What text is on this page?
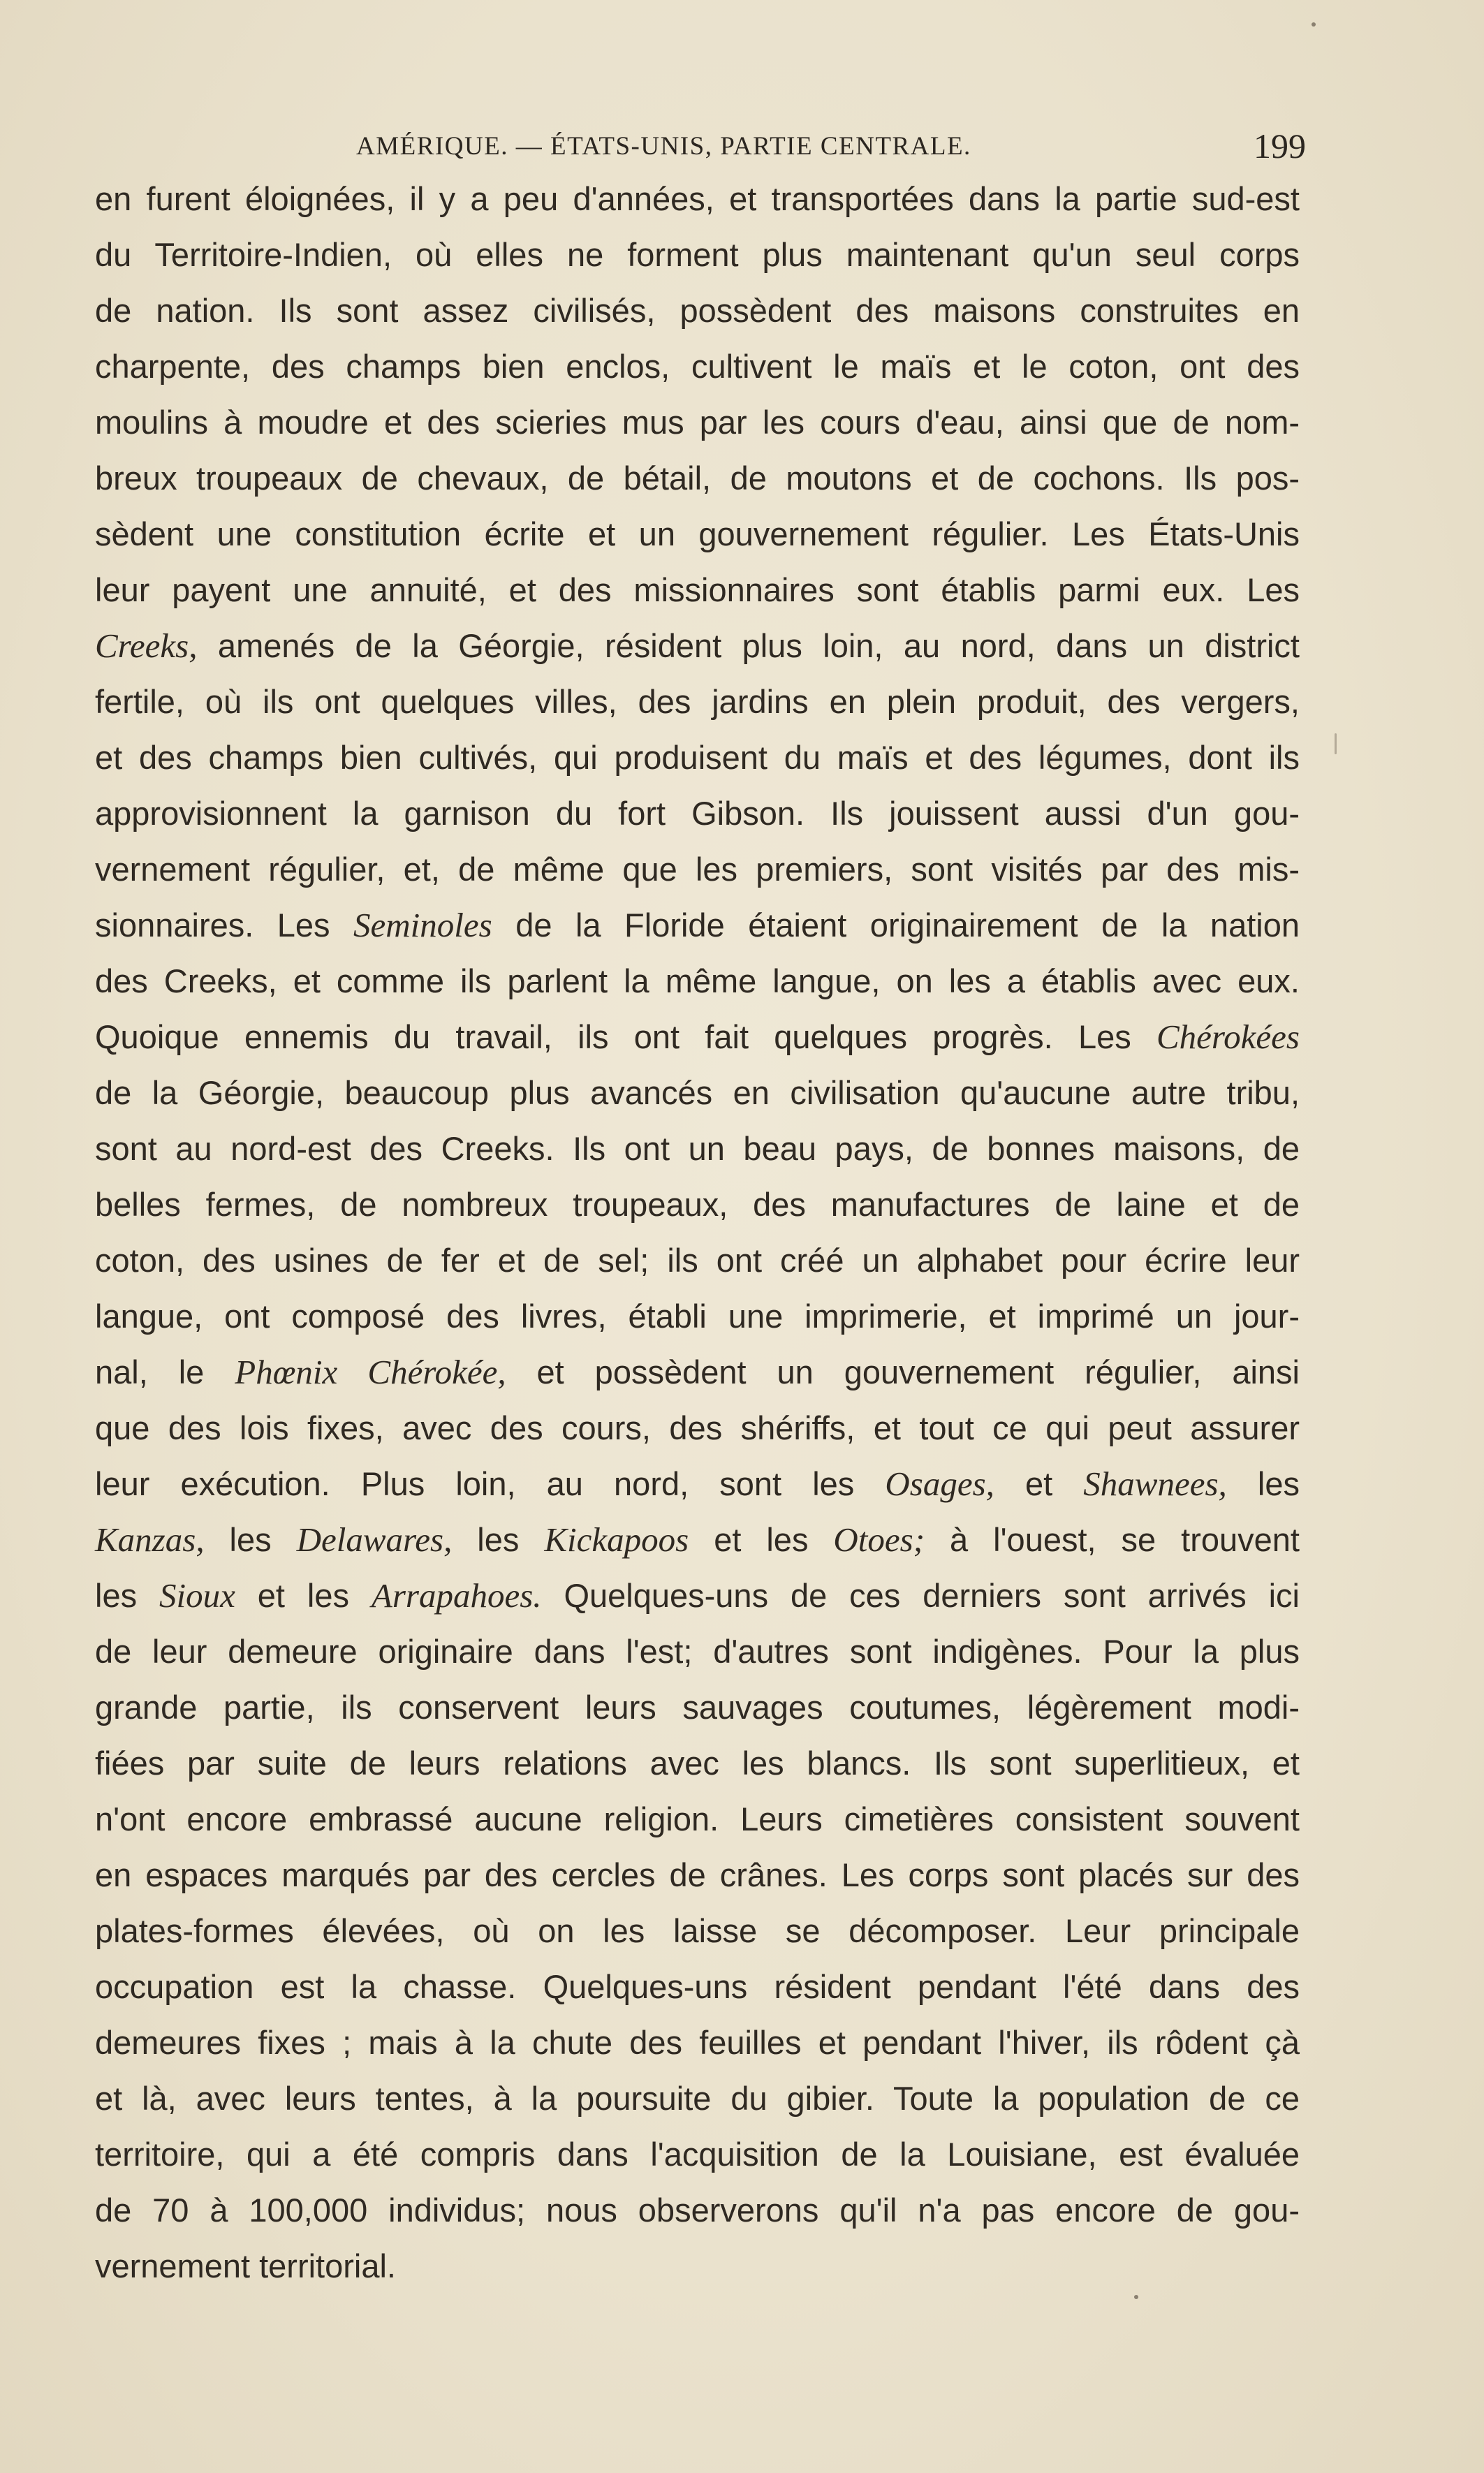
AMÉRIQUE. — ÉTATS-UNIS, PARTIE CENTRALE.	199
en furent éloignées, il y a peu d'années, et transportées dans la partie sud-est
du Territoire-Indien, où elles ne forment plus maintenant qu'un seul corps
de nation. Ils sont assez civilisés, possèdent des maisons construites en
charpente, des champs bien enclos, cultivent le maïs et le coton, ont des
moulins à moudre et des scieries mus par les cours d'eau, ainsi que de nom-
breux troupeaux de chevaux, de bétail, de moutons et de cochons. Ils pos-
sèdent une constitution écrite et un gouvernement régulier. Les États-Unis
leur payent une annuité, et des missionnaires sont établis parmi eux. Les
Creeks, amenés de la Géorgie, résident plus loin, au nord, dans un district
fertile, où ils ont quelques villes, des jardins en plein produit, des vergers,
et des champs bien cultivés, qui produisent du maïs et des légumes, dont ils
approvisionnent la garnison du fort Gibson. Ils jouissent aussi d'un gou-
vernement régulier, et, de même que les premiers, sont visités par des mis-
sionnaires. Les Seminoles de la Floride étaient originairement de la nation
des Creeks, et comme ils parlent la même langue, on les a établis avec eux.
Quoique ennemis du travail, ils ont fait quelques progrès. Les Chérokées
de la Géorgie, beaucoup plus avancés en civilisation qu'aucune autre tribu,
sont au nord-est des Creeks. Ils ont un beau pays, de bonnes maisons, de
belles fermes, de nombreux troupeaux, des manufactures de laine et de
coton, des usines de fer et de sel; ils ont créé un alphabet pour écrire leur
langue, ont composé des livres, établi une imprimerie, et imprimé un jour-
nal, le Phœnix Chérokée, et possèdent un gouvernement régulier, ainsi
que des lois fixes, avec des cours, des shériffs, et tout ce qui peut assurer
leur exécution. Plus loin, au nord, sont les Osages, et Shawnees, les
Kanzas, les Delawares, les Kickapoos et les Otoes; à l'ouest, se trouvent
les Sioux et les Arrapahoes. Quelques-uns de ces derniers sont arrivés ici
de leur demeure originaire dans l'est; d'autres sont indigènes. Pour la plus
grande partie, ils conservent leurs sauvages coutumes, légèrement modi-
fiées par suite de leurs relations avec les blancs. Ils sont superlitieux, et
n'ont encore embrassé aucune religion. Leurs cimetières consistent souvent
en espaces marqués par des cercles de crânes. Les corps sont placés sur des
plates-formes élevées, où on les laisse se décomposer. Leur principale
occupation est la chasse. Quelques-uns résident pendant l'été dans des
demeures fixes ; mais à la chute des feuilles et pendant l'hiver, ils rôdent çà
et là, avec leurs tentes, à la poursuite du gibier. Toute la population de ce
territoire, qui a été compris dans l'acquisition de la Louisiane, est évaluée
de 70 à 100,000 individus; nous observerons qu'il n'a pas encore de gou-
vernement territorial.
